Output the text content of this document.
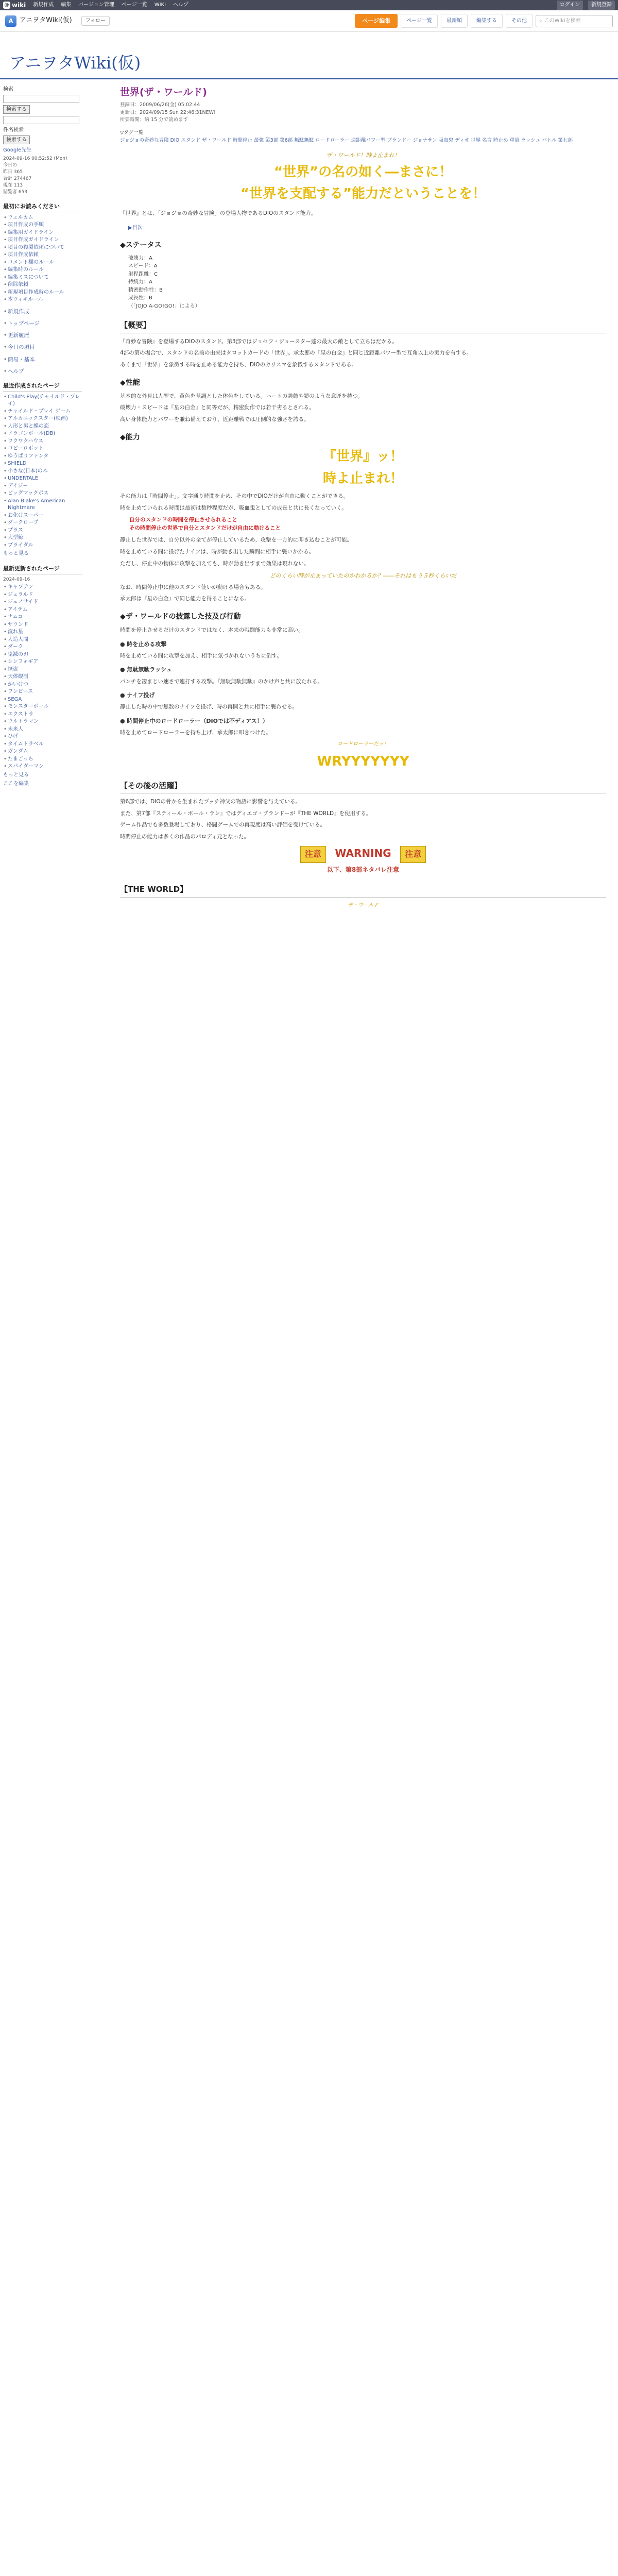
@ wiki 新規作成 編集 バージョン管理 ページ一覧 WIKI ヘルプ	ログイン	新規登録
A アニヲタWiki(仮)	フォロー	ページ編集	ページ一覧	最新順	編集する	その他	⌕ このWikiを検索
アニヲタWiki(仮)
検索
検索する
件名検索
検索する
Google先生
2024-09-16 00:52:52 (Mon)
今日の
昨日 365
合計 274467
現在 113
閲覧者 653
最初にお読みください
• ウェルカム
• 項目作成の手順
• 編集用ガイドライン
• 項目作成ガイドライン
• 項目の複製依頼について
• 項目作成依頼
• コメント欄のルール
• 編集時のルール
• 編集ミスについて
• 削除依頼
• 新規項目作成時のルール
• 本ウィキルール
• 新規作成
• トップページ
• 更新履歴
• 今日の項目
• 簡易・基本
• ヘルプ
最近作成されたページ
• Child's Play(チャイルド・プレイ)
• チャイルド・プレイ ゲーム
• アルカニックスター(映画)
• 人形と男と蝶の恋
• ドラゴンボール(DB)
• ワクワクハウス
• コピーロボット
• ゆうばりファンタ
• SHIELD
• 小さな(日本)の木
• UNDERTALE
• デイジー
• ビッグマックボス
• Alan Blake's American Nightmare
• お化けスーパー
• ダークロープ
• プラス
• 大型鯨
• ブライダル
もっと見る
最新更新されたページ
2024-09-16
• キャプテン
• ジェラルド
• ジェノサイド
• アイテム
• ナムコ
• サウンド
• 流れ星
• 人造人間
• ダーク
• 鬼滅の刃
• シンフォギア
• 怪盗
• 天体観測
• かいけつ
• ワンピース
• SEGA
• モンスターボール
• エクストラ
• ウルトラマン
• 未来人
• ひげ
• タイムトラベル
• ガンダム
• たまごっち
• スパイダーマン
もっと見る
ここを編集
世界(ザ・ワールド)
登録日：2009/06/26(金) 05:02:44
更新日：2024/09/15 Sun 22:46:31NEW!
所要時間：約 15 分で読めます
▽タグ一覧
ジョジョの奇妙な冒険 DIO スタンド ザ・ワールド 時間停止 最強 第3部 第6部 無駄無駄 ロードローラー 遠距離パワー型 ブランドー ジョナサン 吸血鬼 ディオ 世界 名言 時止め 重量 ラッシュ バトル 第七部
ザ・ワールド！時よ止まれ！
“世界”の名の如く―まさに！
“世界を支配する”能力だということを！

『世界』とは、「ジョジョの奇妙な冒険」の登場人物であるDIOのスタンド能力。

▶目次
◆ステータス
破壊力：A
スピード：A
射程距離：C
持続力：A
精密動作性：B
成長性：B
（「JOJO A-GO!GO!」による）
【概要】

『奇妙な冒険』を登場するDIOのスタンド。第3部ではジョセフ・ジョースター達の最大の敵として立ちはだかる。

4部の第の場合で、スタンドの名前の由来はタロットカードの「世界」。承太郎の『星の白金』と同じ近距離パワー型で互角以上の実力を有する。

あくまで「世界」を象徴する時を止める能力を持ち、DIOのカリスマを象徴するスタンドである。

◆性能

基本的な外見は人型で、黄色を基調とした体色をしている。ハートの装飾や鎧のような意匠を持つ。

破壊力・スピードは『星の白金』と同等だが、精密動作では若干劣るとされる。

高い身体能力とパワーを兼ね備えており、近距離戦では圧倒的な強さを誇る。

◆能力
『世界』ッ！
時よ止まれ！

その能力は「時間停止」。文字通り時間を止め、その中でDIOだけが自由に動くことができる。

時を止めていられる時間は最初は数秒程度だが、吸血鬼としての成長と共に長くなっていく。

自分のスタンドの時間を停止させられること
その時間停止の世界で自分とスタンドだけが自由に動けること

静止した世界では、自分以外の全てが停止しているため、攻撃を一方的に叩き込むことが可能。

時を止めている間に投げたナイフは、時が動き出した瞬間に相手に襲いかかる。

ただし、停止中の物体に攻撃を加えても、時が動き出すまで効果は現れない。

どのくらい時が止まっていたのかわかるか？――それはもう５秒くらいだ

なお、時間停止中に他のスタンド使いが動ける場合もある。

承太郎は『星の白金』で同じ能力を得ることになる。

◆ザ・ワールドの披露した技及び行動

時間を停止させるだけのスタンドではなく、本来の戦闘能力も非常に高い。

● 時を止める攻撃

時を止めている間に攻撃を加え、相手に気づかれないうちに倒す。

● 無駄無駄ラッシュ

パンチを凄まじい速さで連打する攻撃。『無駄無駄無駄』のかけ声と共に放たれる。

● ナイフ投げ

静止した時の中で無数のナイフを投げ、時の再開と共に相手に襲わせる。

● 時間停止中のロードローラー（DIOでは不ディアス！）

時を止めてロードローラーを持ち上げ、承太郎に叩きつけた。

ロードローラーだッ！
WRYYYYYYY
【その後の活躍】

第6部では、DIOの骨から生まれたプッチ神父の物語に影響を与えている。

また、第7部『スティール・ボール・ラン』ではディエゴ・ブランドーが『THE WORLD』を使用する。

ゲーム作品でも多数登場しており、格闘ゲームでの再現度は高い評価を受けている。

時間停止の能力は多くの作品のパロディ元となった。

注意 WARNING 注意
以下、第8部ネタバレ注意
【THE WORLD】
ザ・ワールド
